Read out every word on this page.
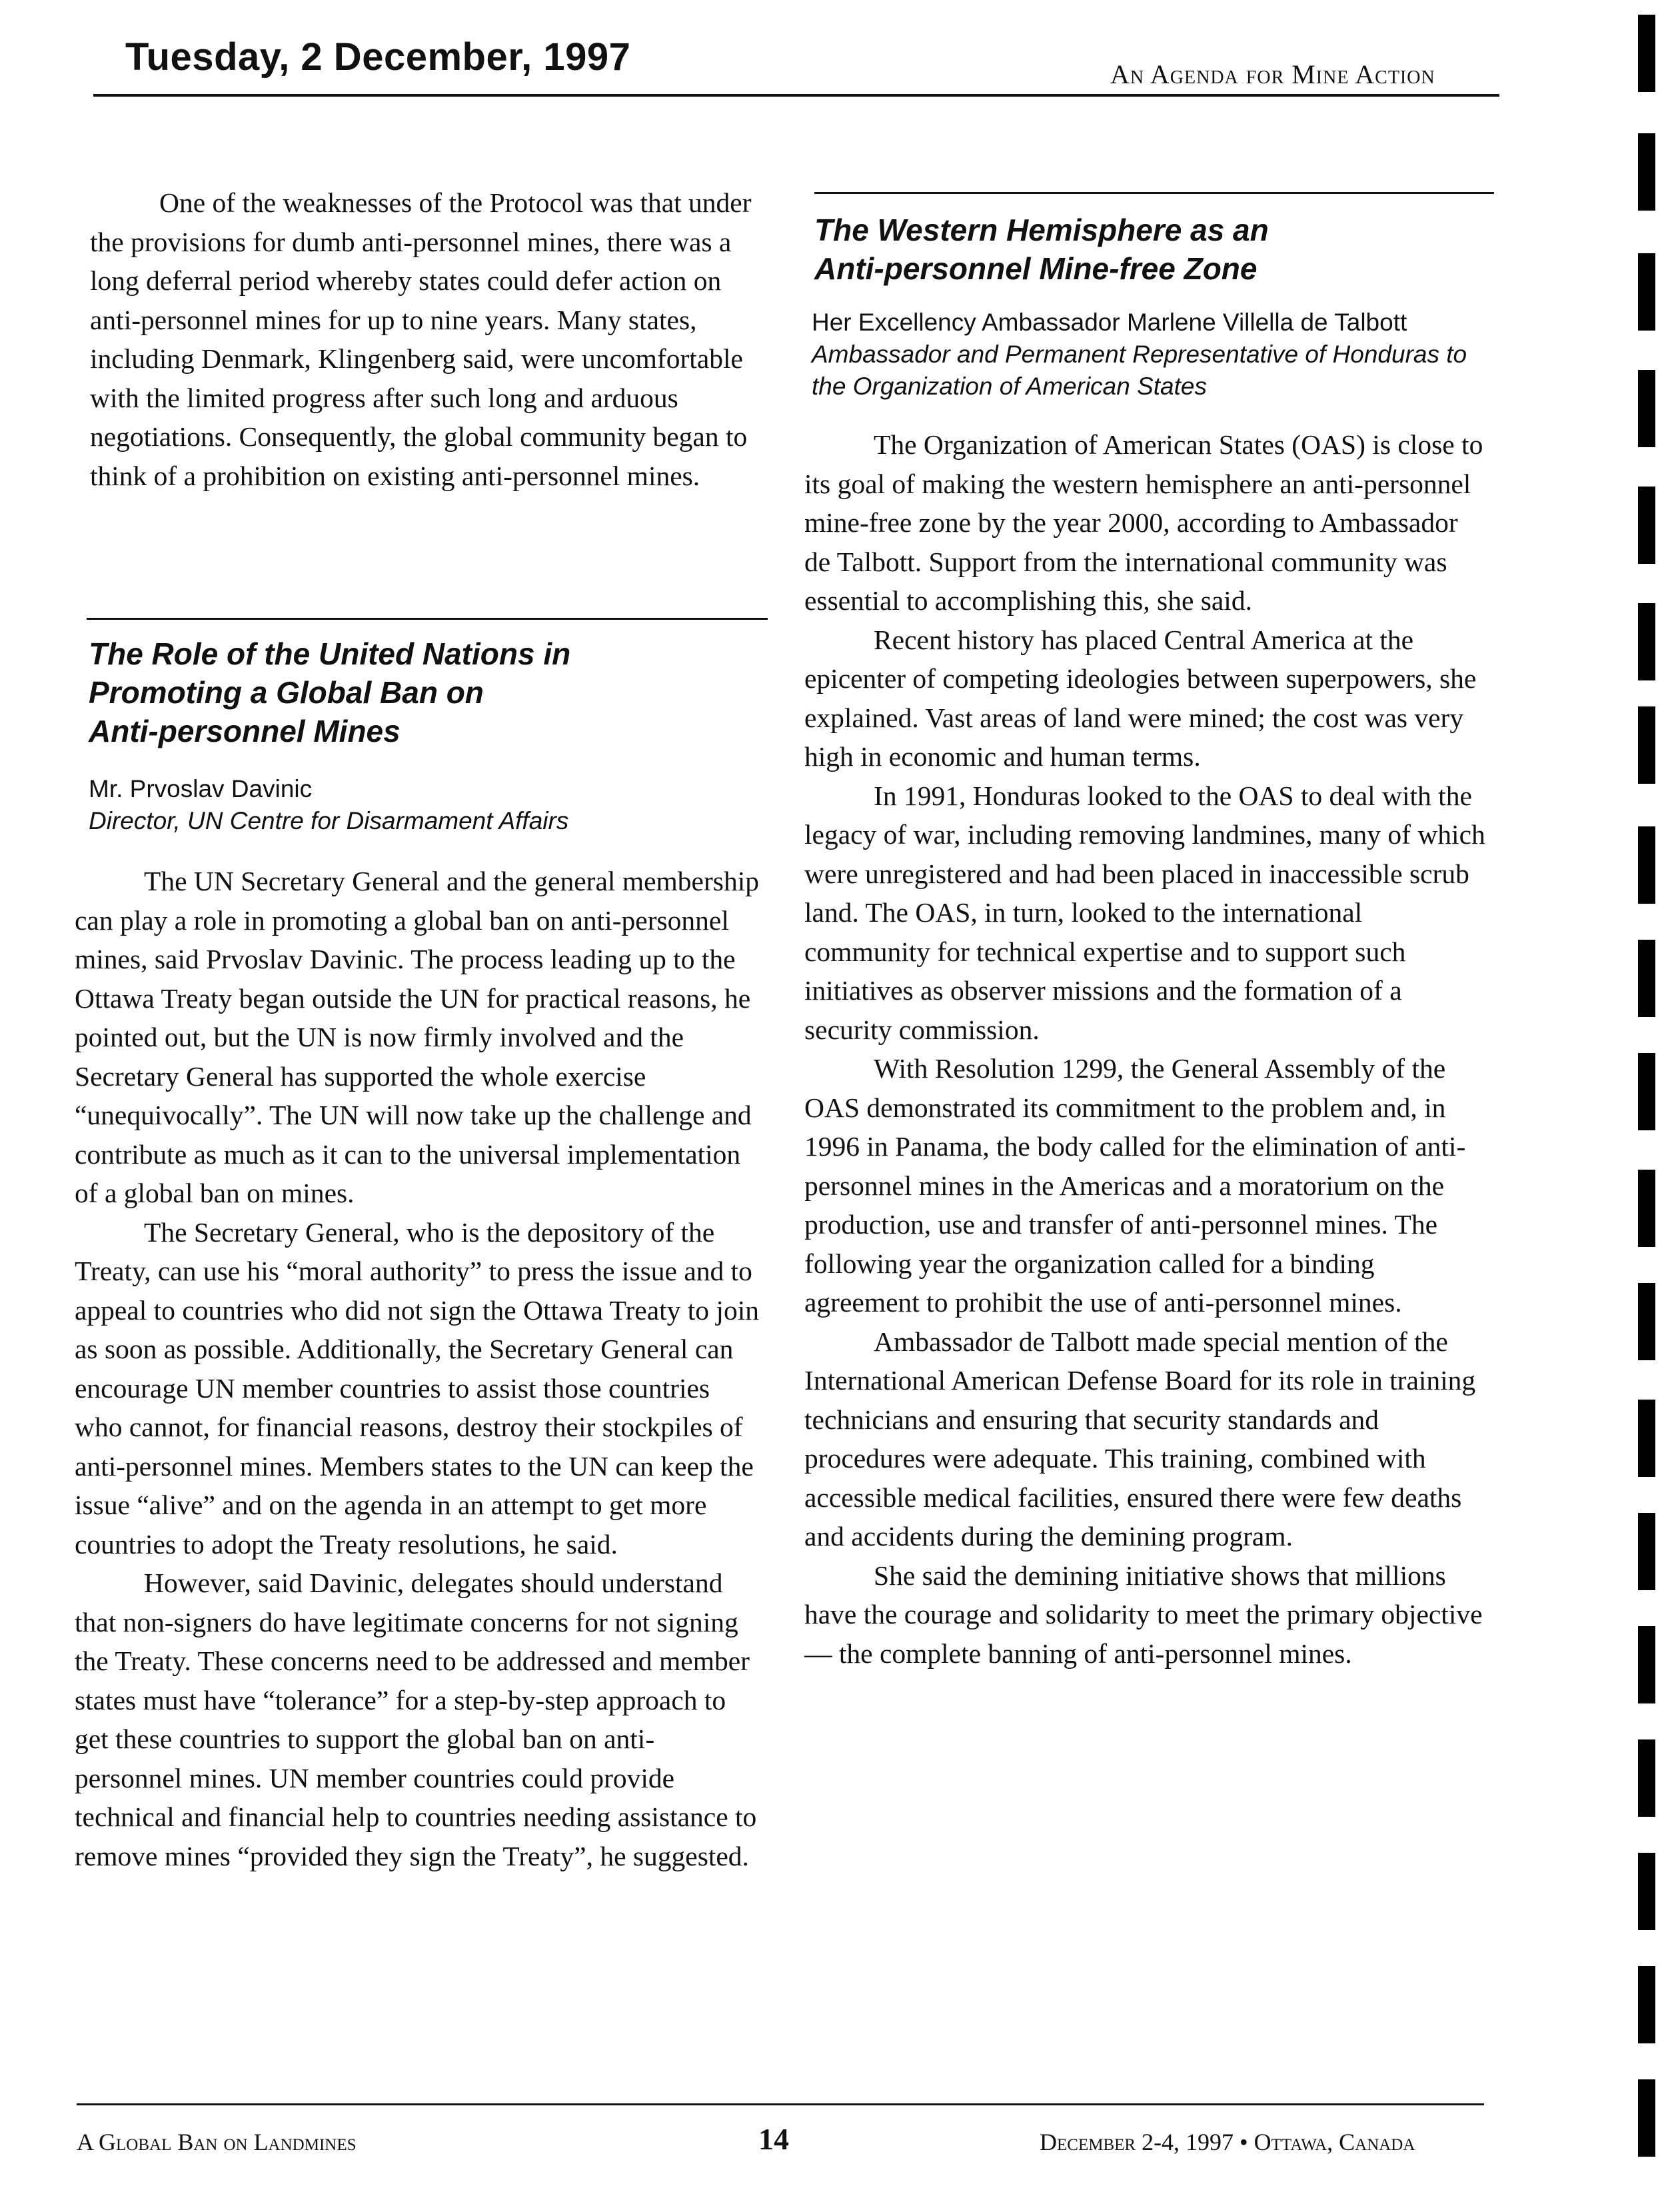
Tuesday, 2 December, 1997	An Agenda for Mine Action

One of the weaknesses of the Protocol was that under the provisions for dumb anti-personnel mines, there was a long deferral period whereby states could defer action on anti-personnel mines for up to nine years. Many states, including Denmark, Klingenberg said, were uncomfortable with the limited progress after such long and arduous negotiations. Consequently, the global community began to think of a prohibition on existing anti-personnel mines.

The Role of the United Nations in
Promoting a Global Ban on
Anti-personnel Mines
Mr. Prvoslav Davinic
Director, UN Centre for Disarmament Affairs

The UN Secretary General and the general membership can play a role in promoting a global ban on anti-personnel mines, said Prvoslav Davinic. The process leading up to the Ottawa Treaty began outside the UN for practical reasons, he pointed out, but the UN is now firmly involved and the Secretary General has supported the whole exercise “unequivocally”. The UN will now take up the challenge and contribute as much as it can to the universal implementation of a global ban on mines.

The Secretary General, who is the depository of the Treaty, can use his “moral authority” to press the issue and to appeal to countries who did not sign the Ottawa Treaty to join as soon as possible. Additionally, the Secretary General can encourage UN member countries to assist those countries who cannot, for financial reasons, destroy their stockpiles of anti-personnel mines. Members states to the UN can keep the issue “alive” and on the agenda in an attempt to get more countries to adopt the Treaty resolutions, he said.

However, said Davinic, delegates should understand that non-signers do have legitimate concerns for not signing the Treaty. These concerns need to be addressed and member states must have “tolerance” for a step-by-step approach to get these countries to support the global ban on anti-personnel mines. UN member countries could provide technical and financial help to countries needing assistance to remove mines “provided they sign the Treaty”, he suggested.

The Western Hemisphere as an
Anti-personnel Mine-free Zone
Her Excellency Ambassador Marlene Villella de Talbott
Ambassador and Permanent Representative of Honduras to the Organization of American States

The Organization of American States (OAS) is close to its goal of making the western hemisphere an anti-personnel mine-free zone by the year 2000, according to Ambassador de Talbott. Support from the international community was essential to accomplishing this, she said.

Recent history has placed Central America at the epicenter of competing ideologies between superpowers, she explained. Vast areas of land were mined; the cost was very high in economic and human terms.

In 1991, Honduras looked to the OAS to deal with the legacy of war, including removing landmines, many of which were unregistered and had been placed in inaccessible scrub land. The OAS, in turn, looked to the international community for technical expertise and to support such initiatives as observer missions and the formation of a security commission.

With Resolution 1299, the General Assembly of the OAS demonstrated its commitment to the problem and, in 1996 in Panama, the body called for the elimination of anti-personnel mines in the Americas and a moratorium on the production, use and transfer of anti-personnel mines. The following year the organization called for a binding agreement to prohibit the use of anti-personnel mines.

Ambassador de Talbott made special mention of the International American Defense Board for its role in training technicians and ensuring that security standards and procedures were adequate. This training, combined with accessible medical facilities, ensured there were few deaths and accidents during the demining program.

She said the demining initiative shows that millions have the courage and solidarity to meet the primary objective — the complete banning of anti-personnel mines.

A Global Ban on Landmines	14	December 2-4, 1997 • Ottawa, Canada
